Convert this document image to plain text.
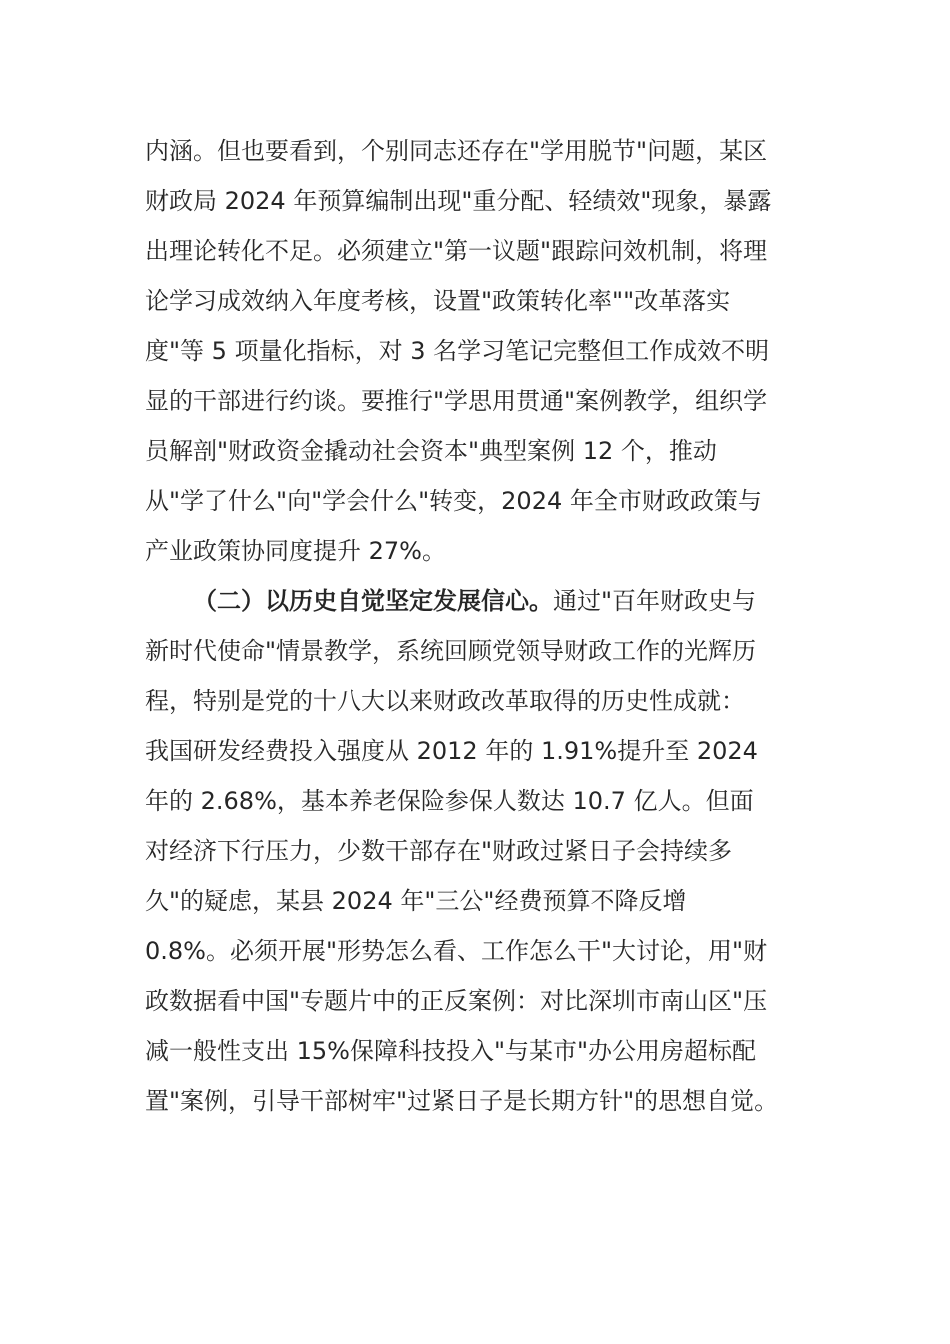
内涵。但也要看到，个别同志还存在"学用脱节"问题，某区
财政局 2024 年预算编制出现"重分配、轻绩效"现象，暴露
出理论转化不足。必须建立"第一议题"跟踪问效机制，将理
论学习成效纳入年度考核，设置"政策转化率""改革落实
度"等 5 项量化指标，对 3 名学习笔记完整但工作成效不明
显的干部进行约谈。要推行"学思用贯通"案例教学，组织学
员解剖"财政资金撬动社会资本"典型案例 12 个，推动
从"学了什么"向"学会什么"转变，2024 年全市财政政策与
产业政策协同度提升 27%。
（二）以历史自觉坚定发展信心。通过"百年财政史与
新时代使命"情景教学，系统回顾党领导财政工作的光辉历
程，特别是党的十八大以来财政改革取得的历史性成就：
我国研发经费投入强度从 2012 年的 1.91%提升至 2024
年的 2.68%，基本养老保险参保人数达 10.7 亿人。但面
对经济下行压力，少数干部存在"财政过紧日子会持续多
久"的疑虑，某县 2024 年"三公"经费预算不降反增
0.8%。必须开展"形势怎么看、工作怎么干"大讨论，用"财
政数据看中国"专题片中的正反案例：对比深圳市南山区"压
减一般性支出 15%保障科技投入"与某市"办公用房超标配
置"案例，引导干部树牢"过紧日子是长期方针"的思想自觉。
